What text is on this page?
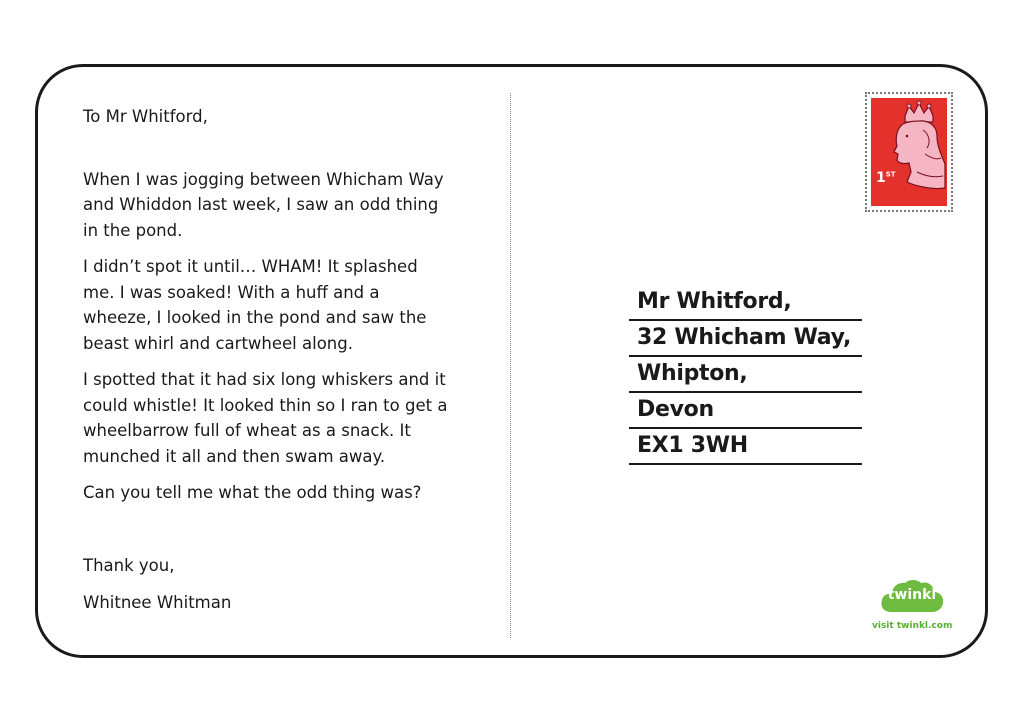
To Mr Whitford,

When I was jogging between Whicham Way and Whiddon last week, I saw an odd thing in the pond.

I didn’t spot it until… WHAM! It splashed me. I was soaked! With a huff and a wheeze, I looked in the pond and saw the beast whirl and cartwheel along.

I spotted that it had six long whiskers and it could whistle! It looked thin so I ran to get a wheelbarrow full of wheat as a snack. It munched it all and then swam away.

Can you tell me what the odd thing was?

Thank you,

Whitnee Whitman

1ST
Mr Whitford,
32 Whicham Way,
Whipton,
Devon
EX1 3WH
twinkl
visit twinkl.com
